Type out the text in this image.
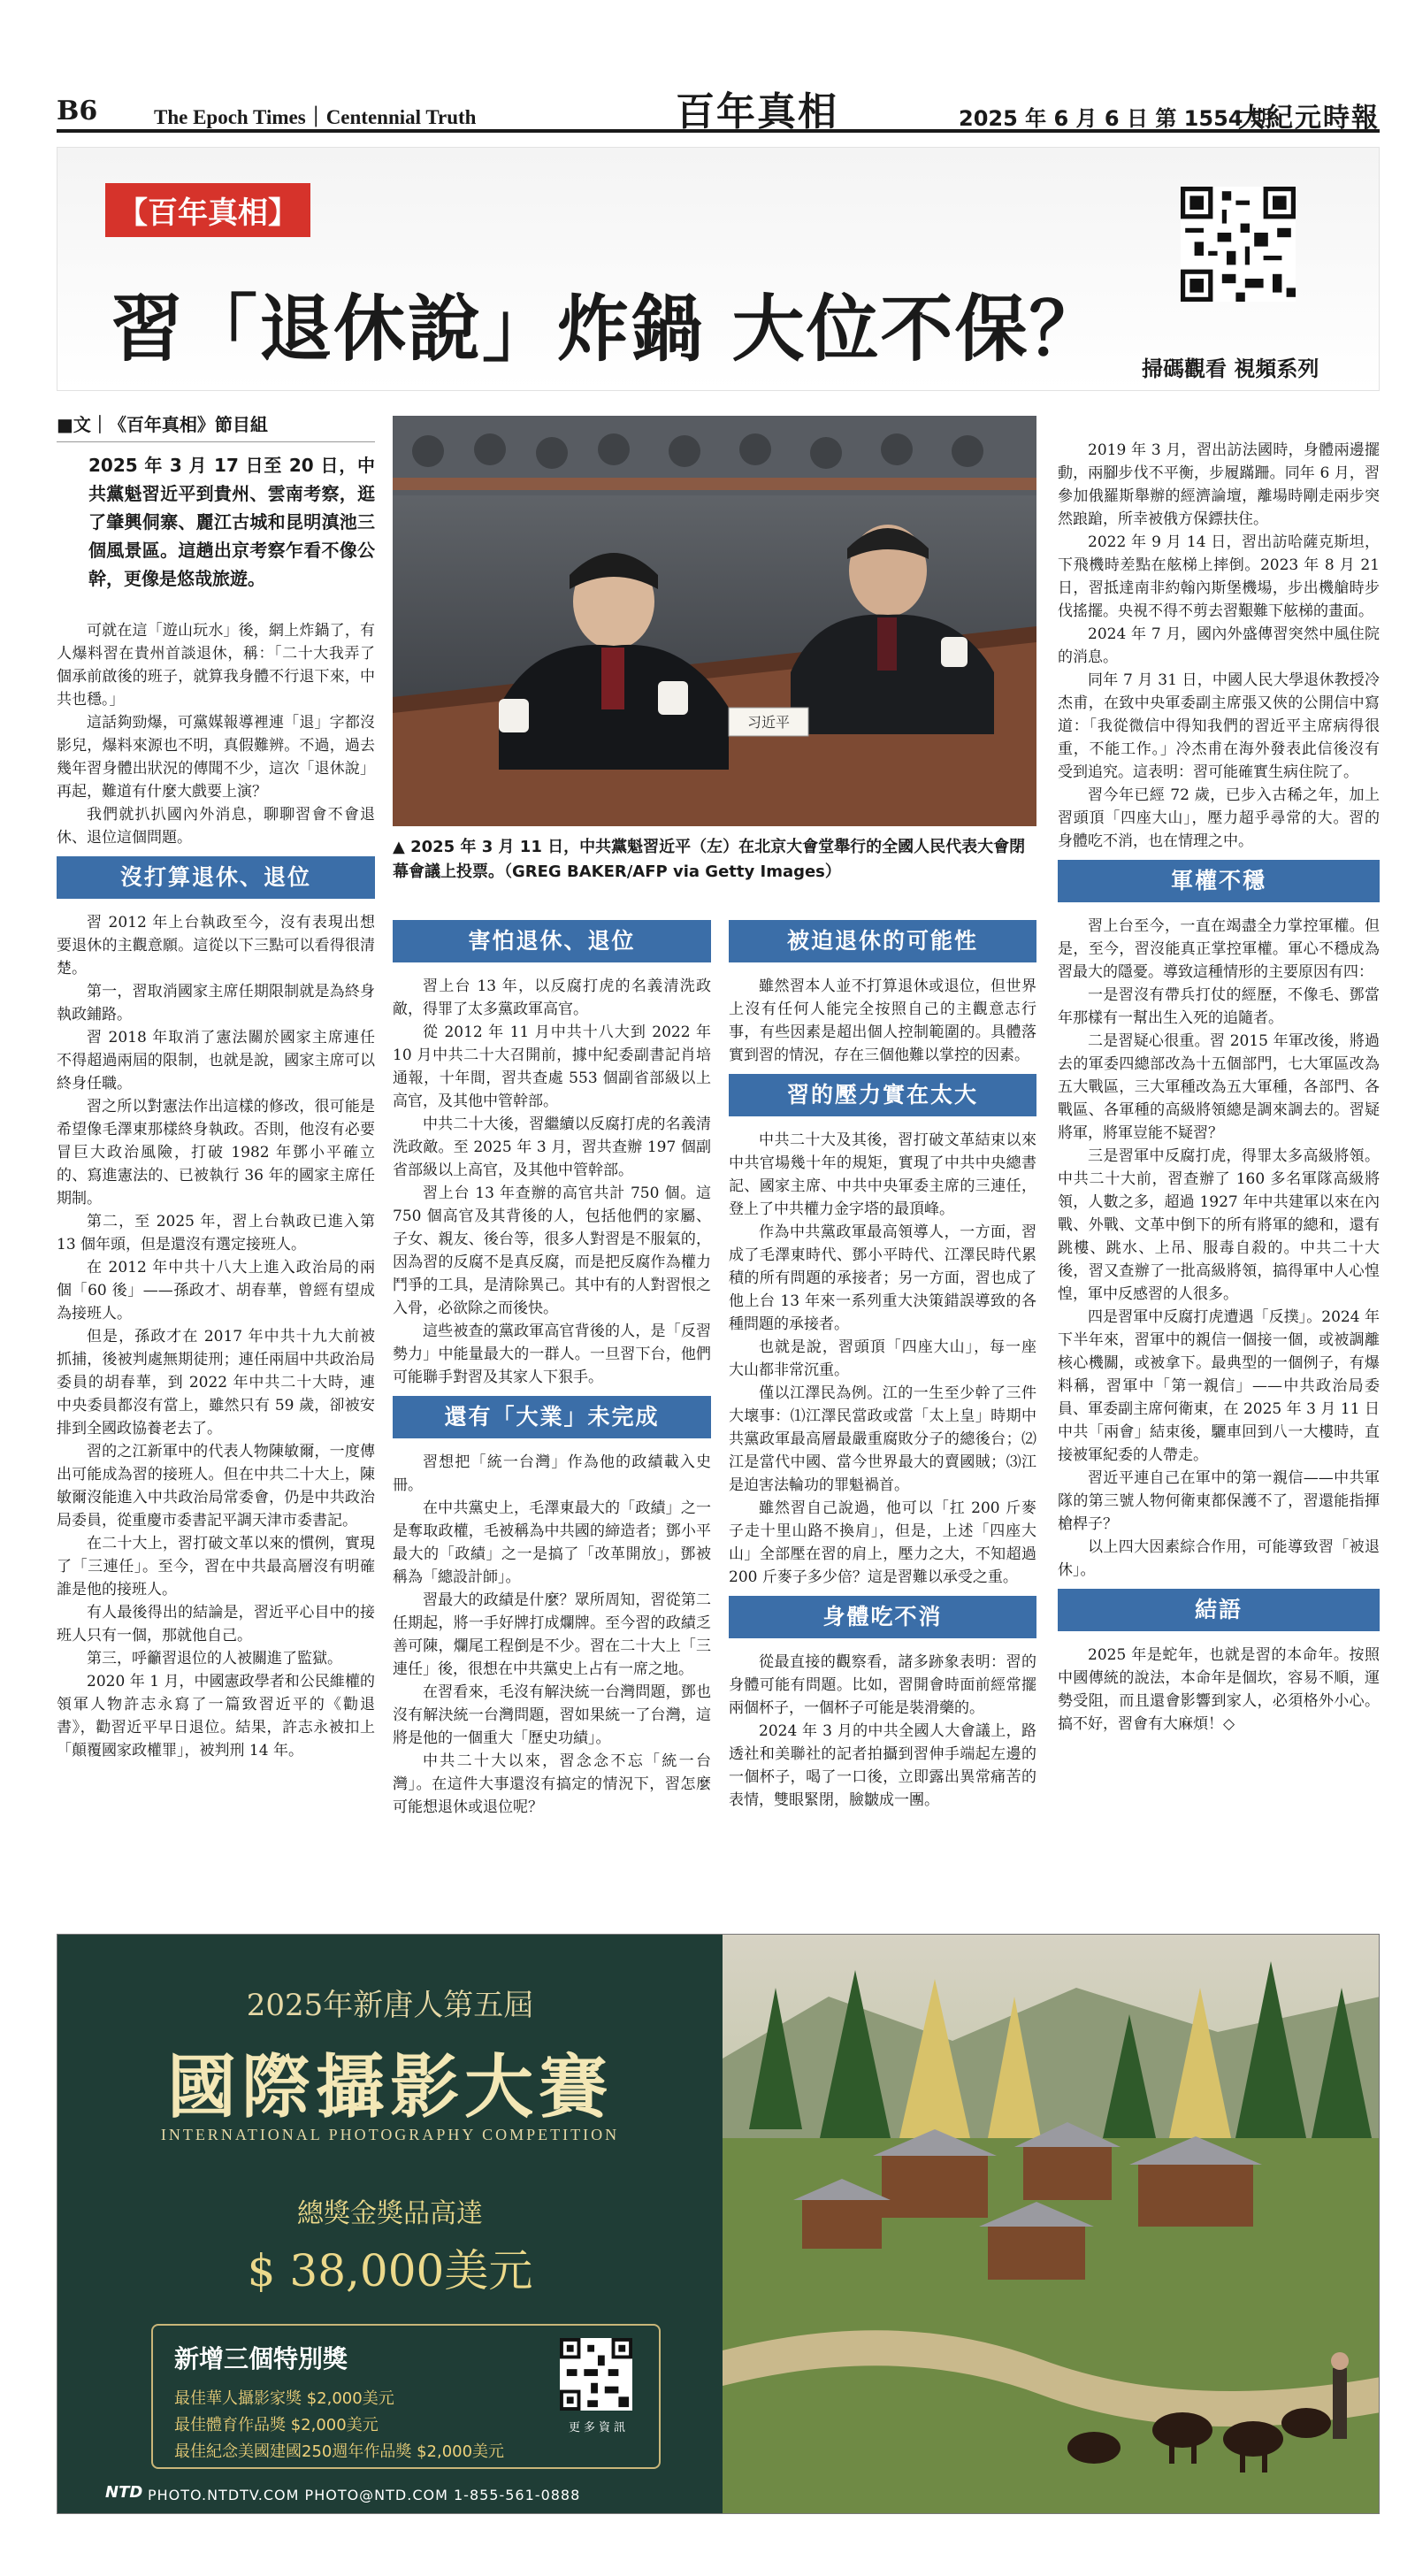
B6	The Epoch Times｜Centennial Truth	百年真相	2025 年 6 月 6 日 第 1554 期
大紀元時報
【百年真相】
習「退休說」炸鍋 大位不保？ 掃碼觀看 視頻系列
■文｜《百年真相》節目組
2025 年 3 月 17 日至 20 日，中共黨魁習近平到貴州、雲南考察，逛了肇興侗寨、麗江古城和昆明滇池三個風景區。這趟出京考察乍看不像公幹，更像是悠哉旅遊。
习近平
▲ 2025 年 3 月 11 日，中共黨魁習近平（左）在北京大會堂舉行的全國人民代表大會閉幕會議上投票。（GREG BAKER/AFP via Getty Images）

可就在這「遊山玩水」後，網上炸鍋了，有人爆料習在貴州首談退休，稱：「二十大我弄了個承前啟後的班子，就算我身體不行退下來，中共也穩。」

這話夠勁爆，可黨媒報導裡連「退」字都沒影兒，爆料來源也不明，真假難辨。不過，過去幾年習身體出狀況的傳聞不少，這次「退休說」再起，難道有什麼大戲要上演？

我們就扒扒國內外消息，聊聊習會不會退休、退位這個問題。

沒打算退休、退位

習 2012 年上台執政至今，沒有表現出想要退休的主觀意願。這從以下三點可以看得很清楚。

第一，習取消國家主席任期限制就是為終身執政鋪路。

習 2018 年取消了憲法關於國家主席連任不得超過兩屆的限制，也就是說，國家主席可以終身任職。

習之所以對憲法作出這樣的修改，很可能是希望像毛澤東那樣終身執政。否則，他沒有必要冒巨大政治風險，打破 1982 年鄧小平確立的、寫進憲法的、已被執行 36 年的國家主席任期制。

第二，至 2025 年，習上台執政已進入第 13 個年頭，但是還沒有選定接班人。

在 2012 年中共十八大上進入政治局的兩個「60 後」——孫政才、胡春華，曾經有望成為接班人。

但是，孫政才在 2017 年中共十九大前被抓捕，後被判處無期徒刑；連任兩屆中共政治局委員的胡春華，到 2022 年中共二十大時，連中央委員都沒有當上，雖然只有 59 歲，卻被安排到全國政協養老去了。

習的之江新軍中的代表人物陳敏爾，一度傳出可能成為習的接班人。但在中共二十大上，陳敏爾沒能進入中共政治局常委會，仍是中共政治局委員，從重慶市委書記平調天津市委書記。

在二十大上，習打破文革以來的慣例，實現了「三連任」。至今，習在中共最高層沒有明確誰是他的接班人。

有人最後得出的結論是，習近平心目中的接班人只有一個，那就他自己。

第三，呼籲習退位的人被關進了監獄。

2020 年 1 月，中國憲政學者和公民維權的領軍人物許志永寫了一篇致習近平的《勸退書》，勸習近平早日退位。結果，許志永被扣上「顛覆國家政權罪」，被判刑 14 年。

害怕退休、退位

習上台 13 年，以反腐打虎的名義清洗政敵，得罪了太多黨政軍高官。

從 2012 年 11 月中共十八大到 2022 年 10 月中共二十大召開前，據中紀委副書記肖培通報，十年間，習共查處 553 個副省部級以上高官，及其他中管幹部。

中共二十大後，習繼續以反腐打虎的名義清洗政敵。至 2025 年 3 月，習共查辦 197 個副省部級以上高官，及其他中管幹部。

習上台 13 年查辦的高官共計 750 個。這 750 個高官及其背後的人，包括他們的家屬、子女、親友、後台等，很多人對習是不服氣的，因為習的反腐不是真反腐，而是把反腐作為權力鬥爭的工具，是清除異己。其中有的人對習恨之入骨，必欲除之而後快。

這些被查的黨政軍高官背後的人，是「反習勢力」中能量最大的一群人。一旦習下台，他們可能聯手對習及其家人下狠手。

還有「大業」未完成

習想把「統一台灣」作為他的政績載入史冊。

在中共黨史上，毛澤東最大的「政績」之一是奪取政權，毛被稱為中共國的締造者；鄧小平最大的「政績」之一是搞了「改革開放」，鄧被稱為「總設計師」。

習最大的政績是什麼？眾所周知，習從第二任期起，將一手好牌打成爛牌。至今習的政績乏善可陳，爛尾工程倒是不少。習在二十大上「三連任」後，很想在中共黨史上占有一席之地。

在習看來，毛沒有解決統一台灣問題，鄧也沒有解決統一台灣問題，習如果統一了台灣，這將是他的一個重大「歷史功績」。

中共二十大以來，習念念不忘「統一台灣」。在這件大事還沒有搞定的情況下，習怎麼可能想退休或退位呢？

被迫退休的可能性

雖然習本人並不打算退休或退位，但世界上沒有任何人能完全按照自己的主觀意志行事，有些因素是超出個人控制範圍的。具體落實到習的情況，存在三個他難以掌控的因素。

習的壓力實在太大

中共二十大及其後，習打破文革結束以來中共官場幾十年的規矩，實現了中共中央總書記、國家主席、中共中央軍委主席的三連任，登上了中共權力金字塔的最頂峰。

作為中共黨政軍最高領導人，一方面，習成了毛澤東時代、鄧小平時代、江澤民時代累積的所有問題的承接者；另一方面，習也成了他上台 13 年來一系列重大決策錯誤導致的各種問題的承接者。

也就是說，習頭頂「四座大山」，每一座大山都非常沉重。

僅以江澤民為例。江的一生至少幹了三件大壞事：⑴江澤民當政或當「太上皇」時期中共黨政軍最高層最嚴重腐敗分子的總後台；⑵江是當代中國、當今世界最大的賣國賊；⑶江是迫害法輪功的罪魁禍首。

雖然習自己說過，他可以「扛 200 斤麥子走十里山路不換肩」，但是，上述「四座大山」全部壓在習的肩上，壓力之大，不知超過 200 斤麥子多少倍？這是習難以承受之重。

身體吃不消

從最直接的觀察看，諸多跡象表明：習的身體可能有問題。比如，習開會時面前經常擺兩個杯子，一個杯子可能是裝滑藥的。

2024 年 3 月的中共全國人大會議上，路透社和美聯社的記者拍攝到習伸手端起左邊的一個杯子，喝了一口後，立即露出異常痛苦的表情，雙眼緊閉，臉皺成一團。

2019 年 3 月，習出訪法國時，身體兩邊擺動，兩腳步伐不平衡，步履蹣跚。同年 6 月，習參加俄羅斯舉辦的經濟論壇，離場時剛走兩步突然踉蹌，所幸被俄方保鏢扶住。

2022 年 9 月 14 日，習出訪哈薩克斯坦，下飛機時差點在舷梯上摔倒。2023 年 8 月 21 日，習抵達南非約翰內斯堡機場，步出機艙時步伐搖擺。央視不得不剪去習艱難下舷梯的畫面。

2024 年 7 月，國內外盛傳習突然中風住院的消息。

同年 7 月 31 日，中國人民大學退休教授冷杰甫，在致中央軍委副主席張又俠的公開信中寫道：「我從微信中得知我們的習近平主席病得很重，不能工作。」冷杰甫在海外發表此信後沒有受到追究。這表明：習可能確實生病住院了。

習今年已經 72 歲，已步入古稀之年，加上習頭頂「四座大山」，壓力超乎尋常的大。習的身體吃不消，也在情理之中。

軍權不穩

習上台至今，一直在竭盡全力掌控軍權。但是，至今，習沒能真正掌控軍權。軍心不穩成為習最大的隱憂。導致這種情形的主要原因有四：

一是習沒有帶兵打仗的經歷，不像毛、鄧當年那樣有一幫出生入死的追隨者。

二是習疑心很重。習 2015 年軍改後，將過去的軍委四總部改為十五個部門，七大軍區改為五大戰區，三大軍種改為五大軍種，各部門、各戰區、各軍種的高級將領總是調來調去的。習疑將軍，將軍豈能不疑習？

三是習軍中反腐打虎，得罪太多高級將領。中共二十大前，習查辦了 160 多名軍隊高級將領，人數之多，超過 1927 年中共建軍以來在內戰、外戰、文革中倒下的所有將軍的總和，還有跳樓、跳水、上吊、服毒自殺的。中共二十大後，習又查辦了一批高級將領，搞得軍中人心惶惶，軍中反感習的人很多。

四是習軍中反腐打虎遭遇「反撲」。2024 年下半年來，習軍中的親信一個接一個，或被調離核心機關，或被拿下。最典型的一個例子，有爆料稱，習軍中「第一親信」——中共政治局委員、軍委副主席何衛東，在 2025 年 3 月 11 日中共「兩會」結束後，驪車回到八一大樓時，直接被軍紀委的人帶走。

習近平連自己在軍中的第一親信——中共軍隊的第三號人物何衛東都保護不了，習還能指揮槍桿子？

以上四大因素綜合作用，可能導致習「被退休」。

結語

2025 年是蛇年，也就是習的本命年。按照中國傳統的說法，本命年是個坎，容易不順，運勢受阻，而且還會影響到家人，必須格外小心。搞不好，習會有大麻煩！◇

2025年新唐人第五屆
國際攝影大賽
INTERNATIONAL PHOTOGRAPHY COMPETITION
總獎金獎品高達
$ 38,000美元
新增三個特別獎
最佳華人攝影家獎 $2,000美元
最佳體育作品獎 $2,000美元
最佳紀念美國建國250週年作品獎 $2,000美元
更多資訊
NTD PHOTO.NTDTV.COM PHOTO@NTD.COM 1-855-561-0888
